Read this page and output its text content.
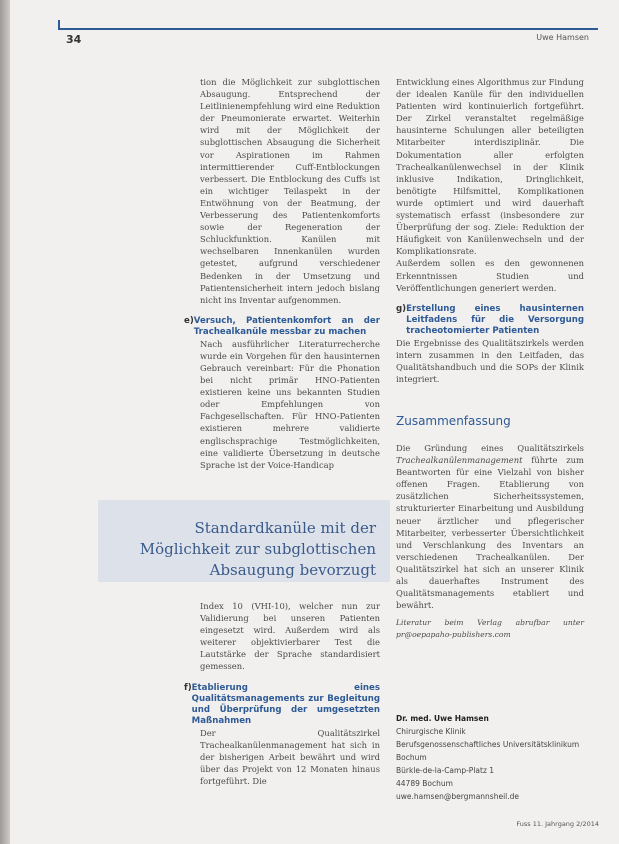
34	Uwe Hamsen

tion die Möglichkeit zur subglottischen Absaugung. Entsprechend der Leitlinienempfehlung wird eine Reduktion der Pneumonierate erwartet. Weiterhin wird mit der Möglichkeit der subglottischen Absaugung die Sicherheit vor Aspirationen im Rahmen intermittierender Cuff-Entblockungen verbessert. Die Entblockung des Cuffs ist ein wichtiger Teilaspekt in der Entwöhnung von der Beatmung, der Verbesserung des Patientenkomforts sowie der Regeneration der Schluckfunktion. Kanülen mit wechselbaren Innenkanülen wurden getestet, aufgrund verschiedener Bedenken in der Umsetzung und Patientensicherheit intern jedoch bislang nicht ins Inventar aufgenommen.

e) Versuch, Patientenkomfort an der Trachealkanüle messbar zu machen

Nach ausführlicher Literaturrecherche wurde ein Vorgehen für den hausinternen Gebrauch vereinbart: Für die Phonation bei nicht primär HNO-Patienten existieren keine uns bekannten Studien oder Empfehlungen von Fachgesellschaften. Für HNO-Patienten existieren mehrere validierte englischsprachige Testmöglichkeiten, eine validierte Übersetzung in deutsche Sprache ist der Voice-Handicap

Standardkanüle mit der Möglichkeit zur subglottischen Absaugung bevorzugt

Index 10 (VHI-10), welcher nun zur Validierung bei unseren Patienten eingesetzt wird. Außerdem wird als weiterer objektivierbarer Test die Lautstärke der Sprache standardisiert gemessen.

f) Etablierung eines Qualitätsmanagements zur Begleitung und Überprüfung der umgesetzten Maßnahmen

Der Qualitätszirkel Trachealkanülenmanagement hat sich in der bisherigen Arbeit bewährt und wird über das Projekt von 12 Monaten hinaus fortgeführt. Die

Entwicklung eines Algorithmus zur Findung der idealen Kanüle für den individuellen Patienten wird kontinuierlich fortgeführt. Der Zirkel veranstaltet regelmäßige hausinterne Schulungen aller beteiligten Mitarbeiter interdisziplinär. Die Dokumentation aller erfolgten Trachealkanülenwechsel in der Klinik inklusive Indikation, Dringlichkeit, benötigte Hilfsmittel, Komplikationen wurde optimiert und wird dauerhaft systematisch erfasst (insbesondere zur Überprüfung der sog. Ziele: Reduktion der Häufigkeit von Kanülenwechseln und der Komplikationsrate.

Außerdem sollen es den gewonnenen Erkenntnissen Studien und Veröffentlichungen generiert werden.

g) Erstellung eines hausinternen Leitfadens für die Versorgung tracheotomierter Patienten

Die Ergebnisse des Qualitätszirkels werden intern zusammen in den Leitfaden, das Qualitätshandbuch und die SOPs der Klinik integriert.

Zusammenfassung

Die Gründung eines Qualitätszirkels Trachealkanülenmanagement führte zum Beantworten für eine Vielzahl von bisher offenen Fragen. Etablierung von zusätzlichen Sicherheitssystemen, strukturierter Einarbeitung und Ausbildung neuer ärztlicher und pflegerischer Mitarbeiter, verbesserter Übersichtlichkeit und Verschlankung des Inventars an verschiedenen Trachealkanülen. Der Qualitätszirkel hat sich an unserer Klinik als dauerhaftes Instrument des Qualitätsmanagements etabliert und bewährt.

Literatur beim Verlag abrufbar unter pr@oepapaho-publishers.com

Dr. med. Uwe Hamsen
Chirurgische Klinik
Berufsgenossenschaftliches Universitätsklinikum
Bochum
Bürkle-de-la-Camp-Platz 1
44789 Bochum
uwe.hamsen@bergmannsheil.de
Fuss 11. Jahrgang 2/2014
